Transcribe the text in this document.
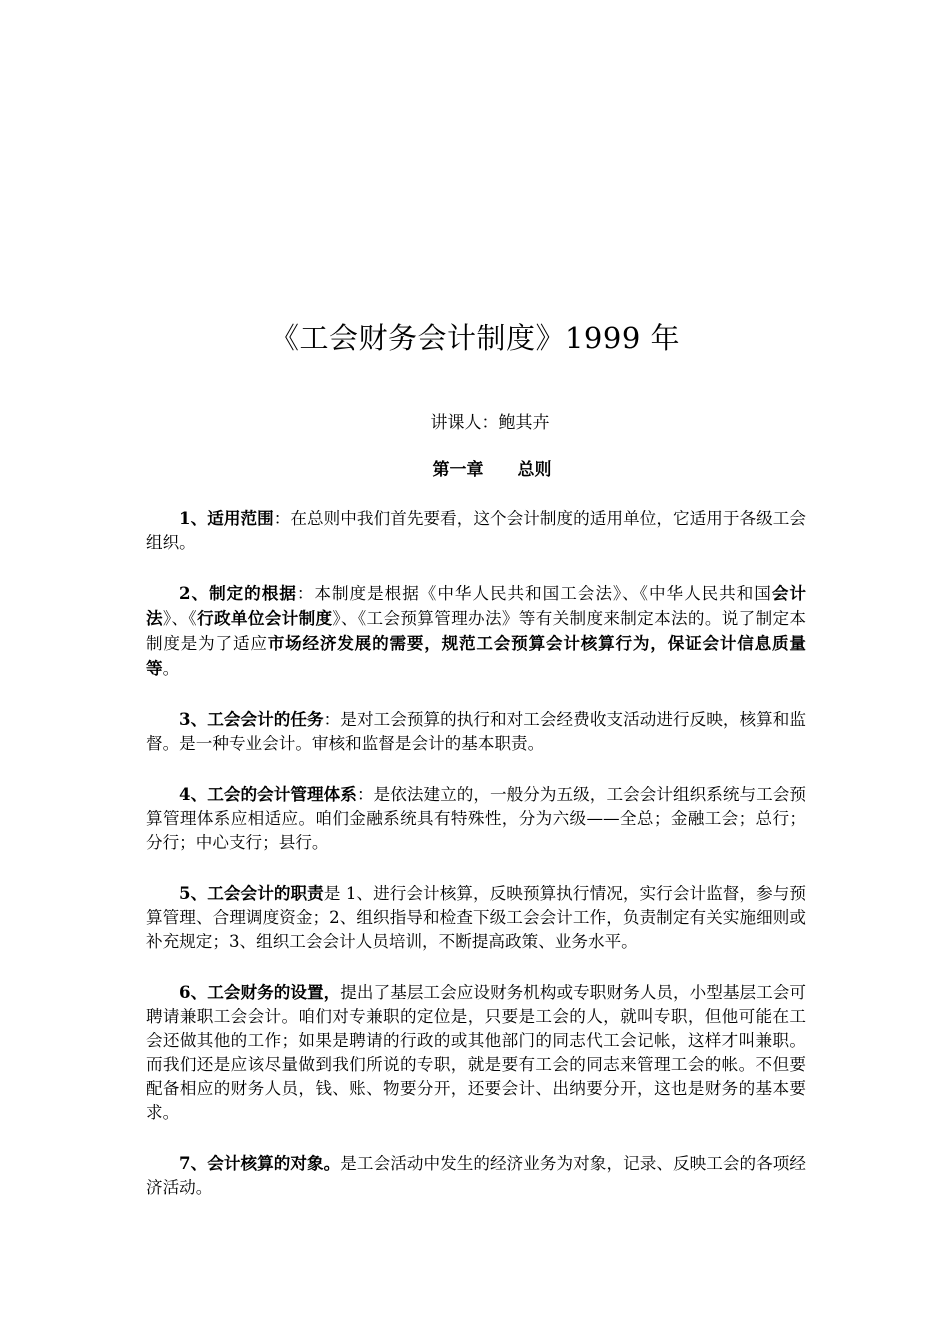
《工会财务会计制度》1999 年
讲课人：鲍其卉
第一章　　总则

1、适用范围：在总则中我们首先要看，这个会计制度的适用单位，它适用于各级工会组织。

2、制定的根据：本制度是根据《中华人民共和国工会法》、《中华人民共和国会计法》、《行政单位会计制度》、《工会预算管理办法》等有关制度来制定本法的。说了制定本制度是为了适应市场经济发展的需要，规范工会预算会计核算行为，保证会计信息质量等。

3、工会会计的任务：是对工会预算的执行和对工会经费收支活动进行反映，核算和监督。是一种专业会计。审核和监督是会计的基本职责。

4、工会的会计管理体系：是依法建立的，一般分为五级，工会会计组织系统与工会预算管理体系应相适应。咱们金融系统具有特殊性，分为六级——全总；金融工会；总行；分行；中心支行；县行。

5、工会会计的职责是 1、进行会计核算，反映预算执行情况，实行会计监督，参与预算管理、合理调度资金；2、组织指导和检查下级工会会计工作，负责制定有关实施细则或补充规定；3、组织工会会计人员培训，不断提高政策、业务水平。

6、工会财务的设置，提出了基层工会应设财务机构或专职财务人员，小型基层工会可聘请兼职工会会计。咱们对专兼职的定位是，只要是工会的人，就叫专职，但他可能在工会还做其他的工作；如果是聘请的行政的或其他部门的同志代工会记帐，这样才叫兼职。而我们还是应该尽量做到我们所说的专职，就是要有工会的同志来管理工会的帐。不但要配备相应的财务人员，钱、账、物要分开，还要会计、出纳要分开，这也是财务的基本要求。

7、会计核算的对象。是工会活动中发生的经济业务为对象，记录、反映工会的各项经济活动。
